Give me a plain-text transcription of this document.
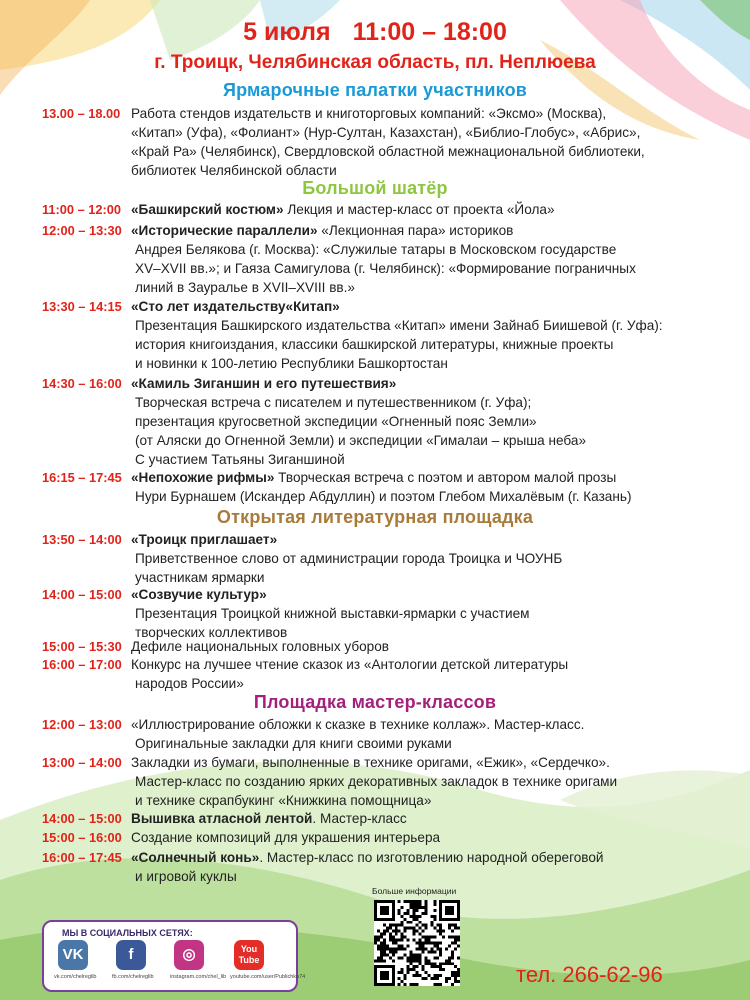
5 июля 11:00 – 18:00
г. Троицк, Челябинская область, пл. Неплюева
Ярмарочные палатки участников
13.00 – 18.00 Работа стендов издательств и книготорговых компаний: «Эксмо» (Москва),
«Китап» (Уфа), «Фолиант» (Нур-Султан, Казахстан), «Библио-Глобус», «Абрис»,
«Край Ра» (Челябинск), Свердловской областной межнациональной библиотеки,
библиотек Челябинской области
Большой шатёр
11:00 – 12:00 «Башкирский костюм» Лекция и мастер-класс от проекта «Йола»
12:00 – 13:30 «Исторические параллели» «Лекционная пара» историков
Андрея Белякова (г. Москва): «Служилые татары в Московском государстве
XV–XVII вв.»; и Гаяза Самигулова (г. Челябинск): «Формирование пограничных
линий в Зауралье в XVII–XVIII вв.»
13:30 – 14:15 «Сто лет издательству«Китап»
Презентация Башкирского издательства «Китап» имени Зайнаб Биишевой (г. Уфа):
история книгоиздания, классики башкирской литературы, книжные проекты
и новинки к 100-летию Республики Башкортостан
14:30 – 16:00 «Камиль Зиганшин и его путешествия»
Творческая встреча с писателем и путешественником (г. Уфа);
презентация кругосветной экспедиции «Огненный пояс Земли»
(от Аляски до Огненной Земли) и экспедиции «Гималаи – крыша неба»
С участием Татьяны Зиганшиной
16:15 – 17:45 «Непохожие рифмы» Творческая встреча с поэтом и автором малой прозы
Нури Бурнашем (Искандер Абдуллин) и поэтом Глебом Михалёвым (г. Казань)
Открытая литературная площадка
13:50 – 14:00 «Троицк приглашает»
Приветственное слово от администрации города Троицка и ЧОУНБ
участникам ярмарки
14:00 – 15:00 «Созвучие культур»
Презентация Троицкой книжной выставки-ярмарки с участием
творческих коллективов
15:00 – 15:30 Дефиле национальных головных уборов
16:00 – 17:00 Конкурс на лучшее чтение сказок из «Антологии детской литературы
народов России»
Площадка мастер-классов
12:00 – 13:00 «Иллюстрирование обложки к сказке в технике коллаж». Мастер-класс.
Оригинальные закладки для книги своими руками
13:00 – 14:00 Закладки из бумаги, выполненные в технике оригами, «Ежик», «Сердечко».
Мастер-класс по созданию ярких декоративных закладок в технике оригами
и технике скрапбукинг «Книжкина помощница»
14:00 – 15:00 Вышивка атласной лентой. Мастер-класс
15:00 – 16:00 Создание композиций для украшения интерьера
16:00 – 17:45 «Солнечный конь». Мастер-класс по изготовлению народной обереговой
и игровой куклы
МЫ В СОЦИАЛЬНЫХ СЕТЯХ:
VK
vk.com/chelreglib
f
fb.com/chelreglib
◎
instagram.com/chel_lib
You Tube
youtube.com/user/Publichka74
Больше информации
тел. 266-62-96
